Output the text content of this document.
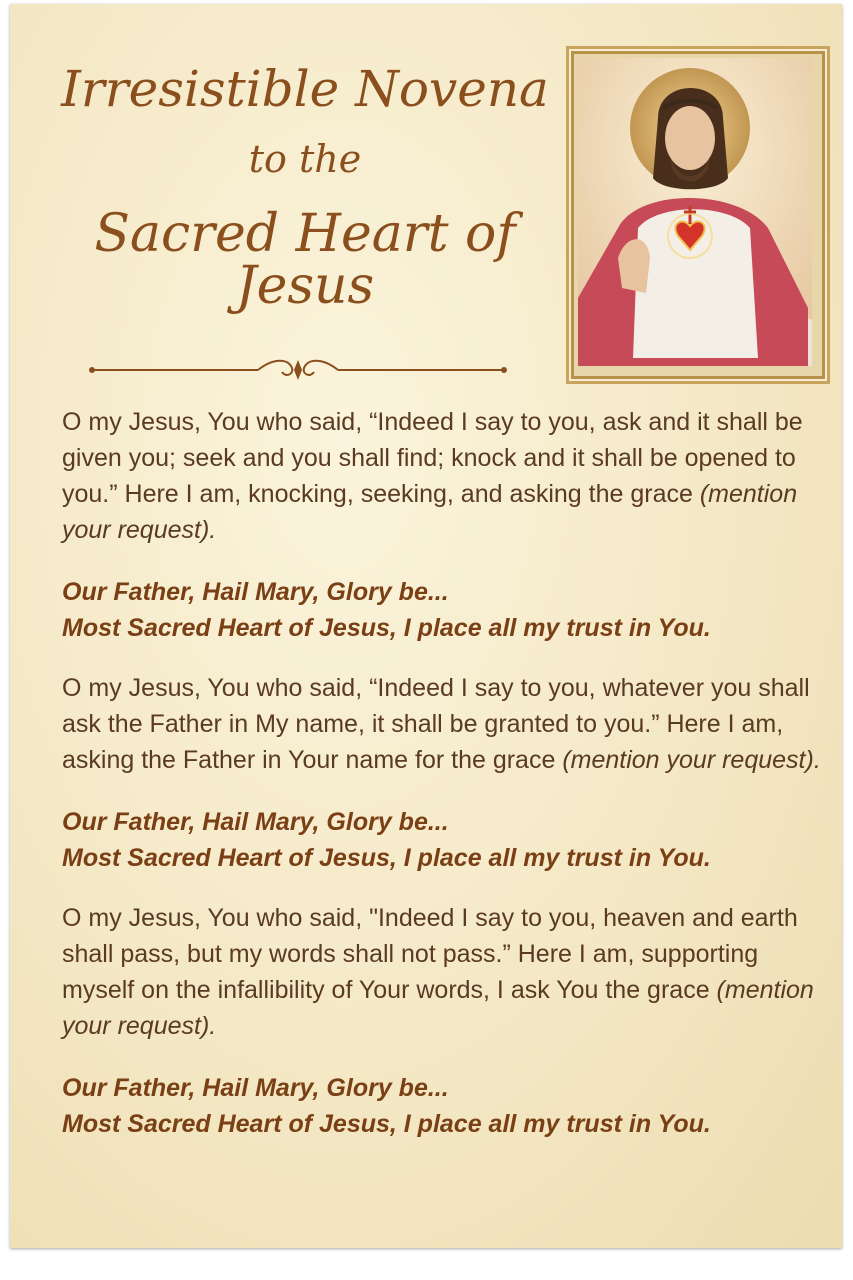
Irresistible Novena
to the
Sacred Heart of Jesus

O my Jesus, You who said, “Indeed I say to you, ask and it shall be given you; seek and you shall find; knock and it shall be opened to you.” Here I am, knocking, seeking, and asking the grace (mention your request).

Our Father, Hail Mary, Glory be...
Most Sacred Heart of Jesus, I place all my trust in You.

O my Jesus, You who said, “Indeed I say to you, whatever you shall ask the Father in My name, it shall be granted to you.” Here I am, asking the Father in Your name for the grace (mention your request).

Our Father, Hail Mary, Glory be...
Most Sacred Heart of Jesus, I place all my trust in You.

O my Jesus, You who said, "Indeed I say to you, heaven and earth shall pass, but my words shall not pass.” Here I am, supporting myself on the infallibility of Your words, I ask You the grace (mention your request).

Our Father, Hail Mary, Glory be...
Most Sacred Heart of Jesus, I place all my trust in You.
